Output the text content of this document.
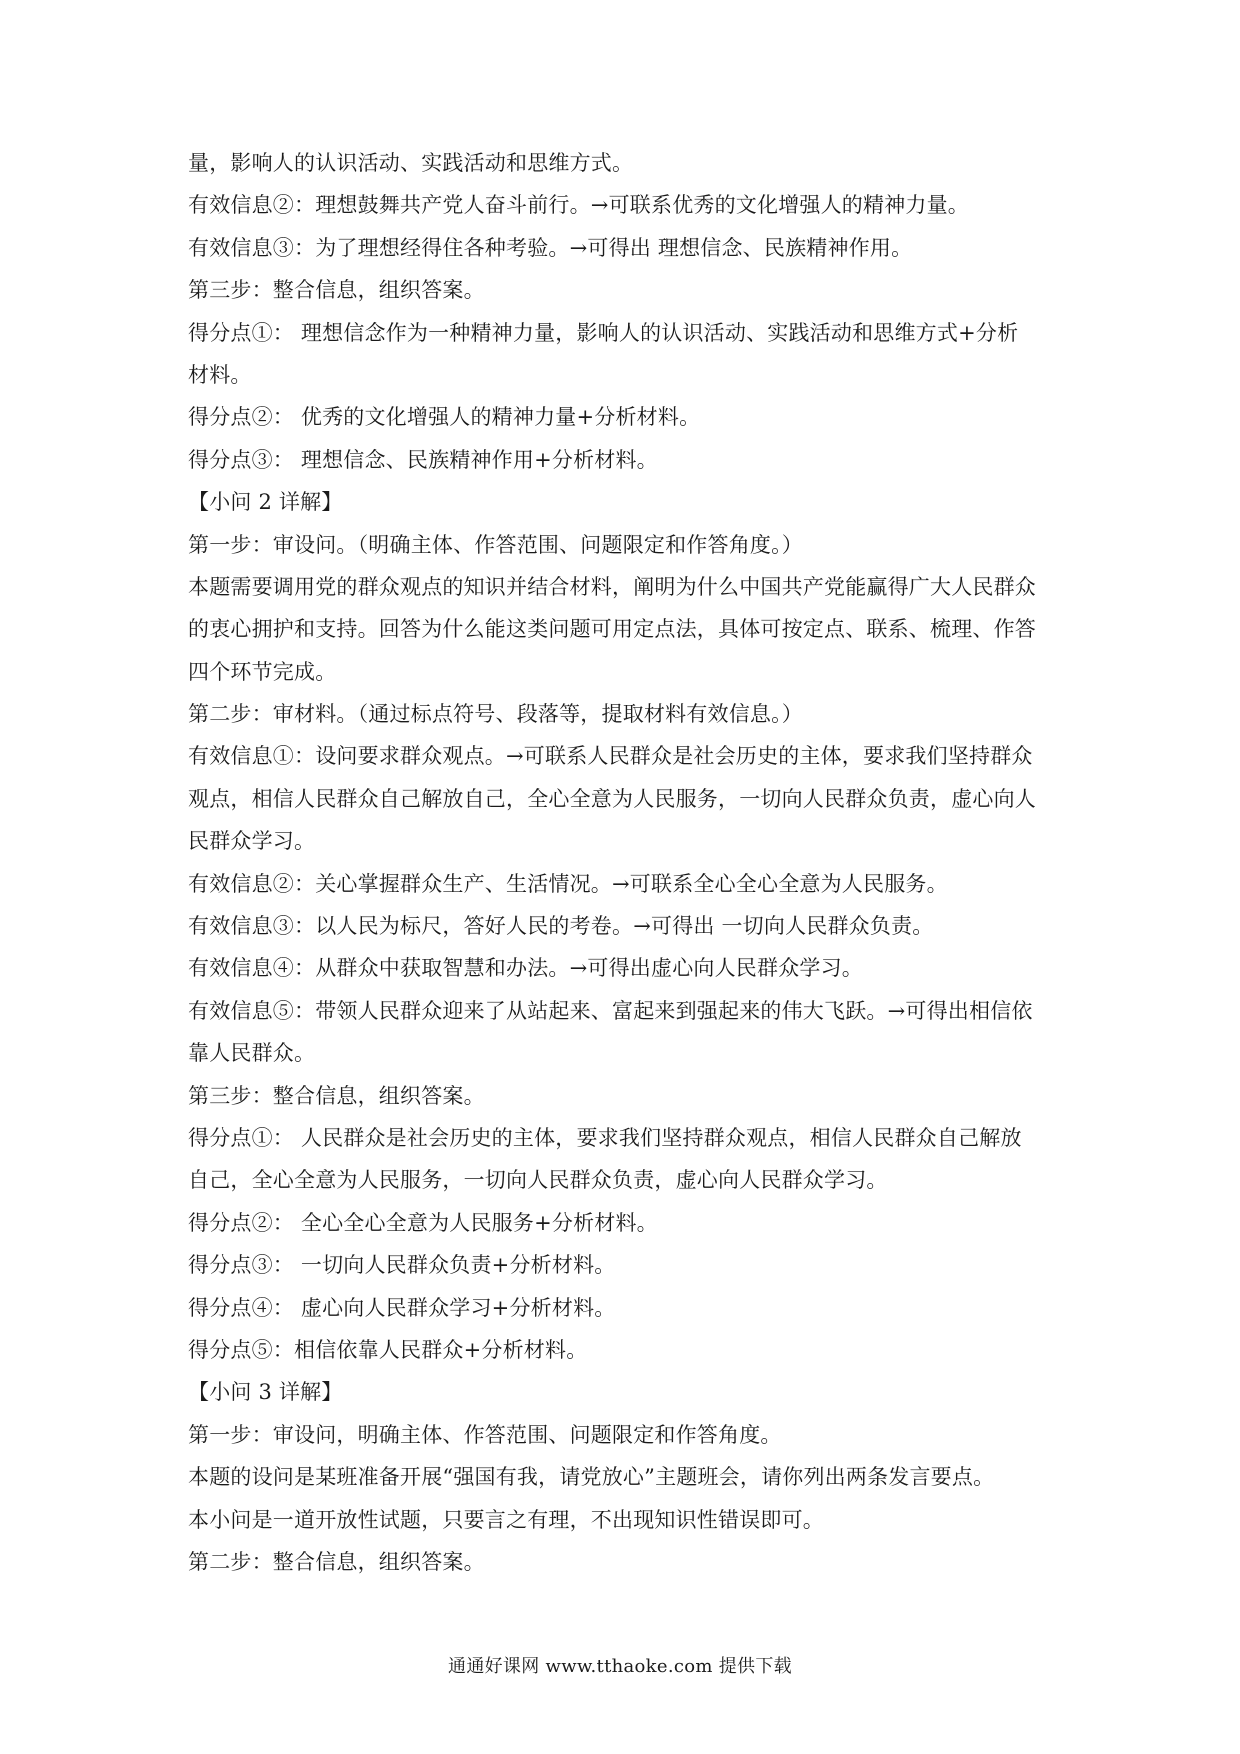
量，影响人的认识活动、实践活动和思维方式。
有效信息②：理想鼓舞共产党人奋斗前行。→可联系优秀的文化增强人的精神力量。
有效信息③：为了理想经得住各种考验。→可得出 理想信念、民族精神作用。
第三步：整合信息，组织答案。
得分点①： 理想信念作为一种精神力量，影响人的认识活动、实践活动和思维方式+分析
材料。
得分点②： 优秀的文化增强人的精神力量+分析材料。
得分点③： 理想信念、民族精神作用+分析材料。
【小问 2 详解】
第一步：审设问。（明确主体、作答范围、问题限定和作答角度。）
本题需要调用党的群众观点的知识并结合材料，阐明为什么中国共产党能赢得广大人民群众
的衷心拥护和支持。回答为什么能这类问题可用定点法，具体可按定点、联系、梳理、作答
四个环节完成。
第二步：审材料。（通过标点符号、段落等，提取材料有效信息。）
有效信息①：设问要求群众观点。→可联系人民群众是社会历史的主体，要求我们坚持群众
观点，相信人民群众自己解放自己，全心全意为人民服务，一切向人民群众负责，虚心向人
民群众学习。
有效信息②：关心掌握群众生产、生活情况。→可联系全心全心全意为人民服务。
有效信息③：以人民为标尺，答好人民的考卷。→可得出 一切向人民群众负责。
有效信息④：从群众中获取智慧和办法。→可得出虚心向人民群众学习。
有效信息⑤：带领人民群众迎来了从站起来、富起来到强起来的伟大飞跃。→可得出相信依
靠人民群众。
第三步：整合信息，组织答案。
得分点①： 人民群众是社会历史的主体，要求我们坚持群众观点，相信人民群众自己解放
自己，全心全意为人民服务，一切向人民群众负责，虚心向人民群众学习。
得分点②： 全心全心全意为人民服务+分析材料。
得分点③： 一切向人民群众负责+分析材料。
得分点④： 虚心向人民群众学习+分析材料。
得分点⑤：相信依靠人民群众+分析材料。
【小问 3 详解】
第一步：审设问，明确主体、作答范围、问题限定和作答角度。
本题的设问是某班准备开展“强国有我，请党放心”主题班会，请你列出两条发言要点。
本小问是一道开放性试题，只要言之有理，不出现知识性错误即可。
第二步：整合信息，组织答案。
通通好课网 www.tthaoke.com 提供下载
